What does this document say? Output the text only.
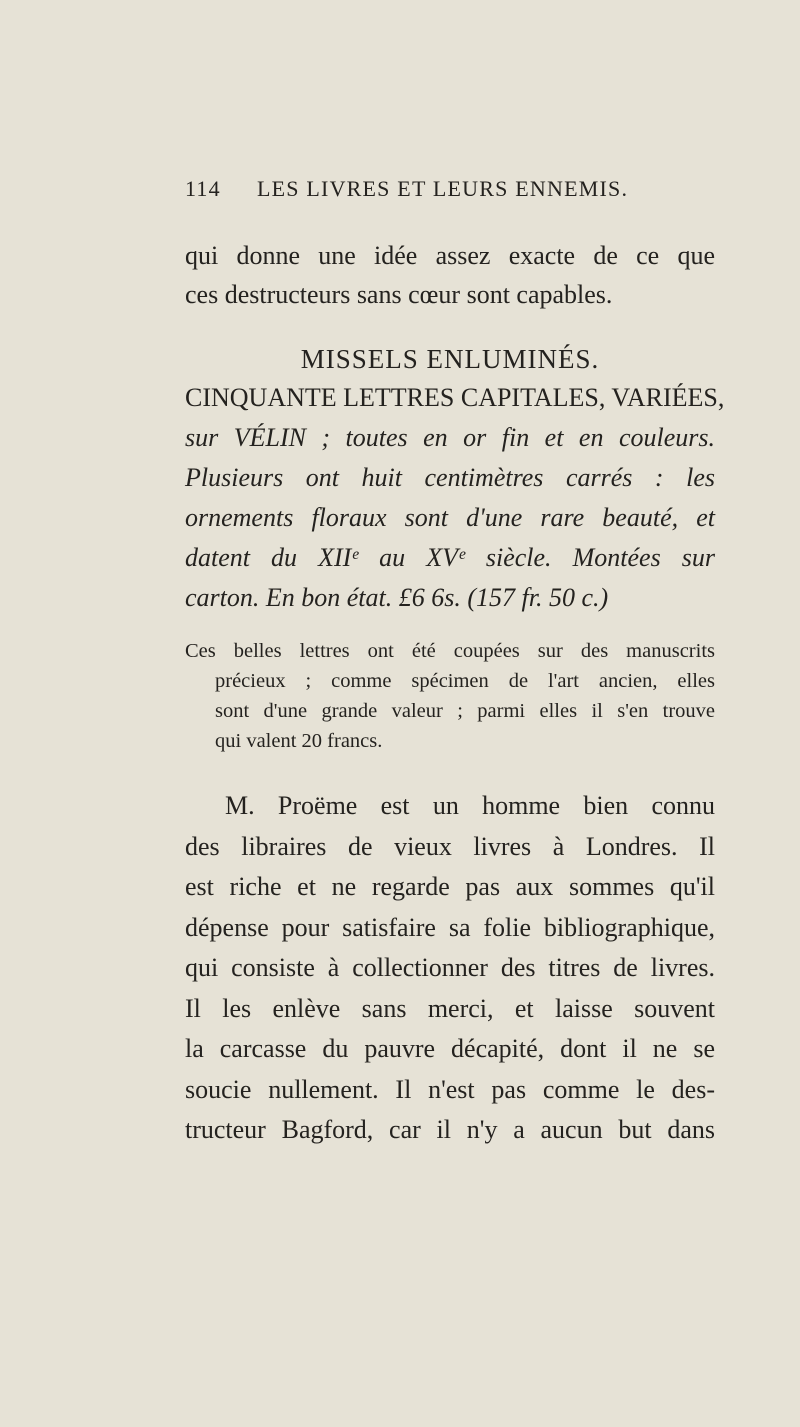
114 LES LIVRES ET LEURS ENNEMIS.
qui donne une idée assez exacte de ce que
ces destructeurs sans cœur sont capables.
MISSELS ENLUMINÉS.
CINQUANTE LETTRES CAPITALES, VARIÉES,
sur VÉLIN ; toutes en or fin et en couleurs.
Plusieurs ont huit centimètres carrés : les
ornements floraux sont d'une rare beauté, et
datent du XIIᵉ au XVᵉ siècle. Montées sur
carton. En bon état. £6 6s. (157 fr. 50 c.)
Ces belles lettres ont été coupées sur des manuscrits
précieux ; comme spécimen de l'art ancien, elles
sont d'une grande valeur ; parmi elles il s'en trouve
qui valent 20 francs.
M. Proëme est un homme bien connu
des libraires de vieux livres à Londres. Il
est riche et ne regarde pas aux sommes qu'il
dépense pour satisfaire sa folie bibliographique,
qui consiste à collectionner des titres de livres.
Il les enlève sans merci, et laisse souvent
la carcasse du pauvre décapité, dont il ne se
soucie nullement. Il n'est pas comme le des-
tructeur Bagford, car il n'y a aucun but dans
